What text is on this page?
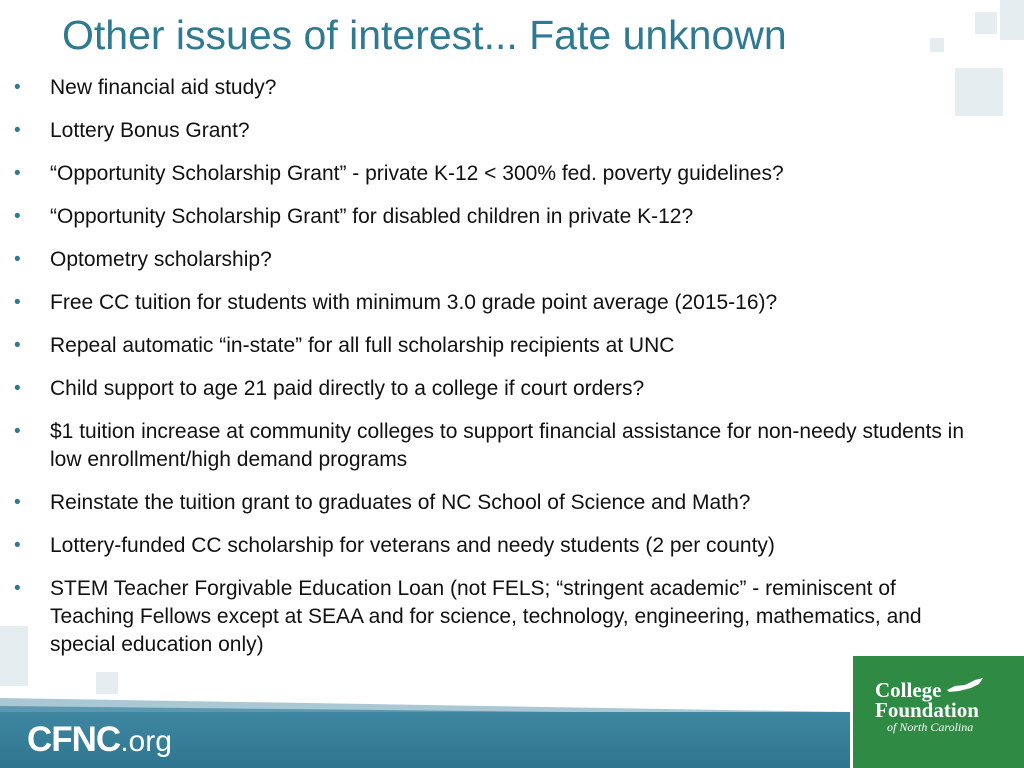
Other issues of interest... Fate unknown
• New financial aid study?
• Lottery Bonus Grant?
• “Opportunity Scholarship Grant” - private K-12 < 300% fed. poverty guidelines?
• “Opportunity Scholarship Grant” for disabled children in private K-12?
• Optometry scholarship?
• Free CC tuition for students with minimum 3.0 grade point average (2015-16)?
• Repeal automatic “in-state” for all full scholarship recipients at UNC
• Child support to age 21 paid directly to a college if court orders?
• $1 tuition increase at community colleges to support financial assistance for non-needy students in low enrollment/high demand programs
• Reinstate the tuition grant to graduates of NC School of Science and Math?
• Lottery-funded CC scholarship for veterans and needy students (2 per county)
• STEM Teacher Forgivable Education Loan (not FELS; “stringent academic” - reminiscent of Teaching Fellows except at SEAA and for science, technology, engineering, mathematics, and special education only)
CFNC.org
College
Foundation
of North Carolina
